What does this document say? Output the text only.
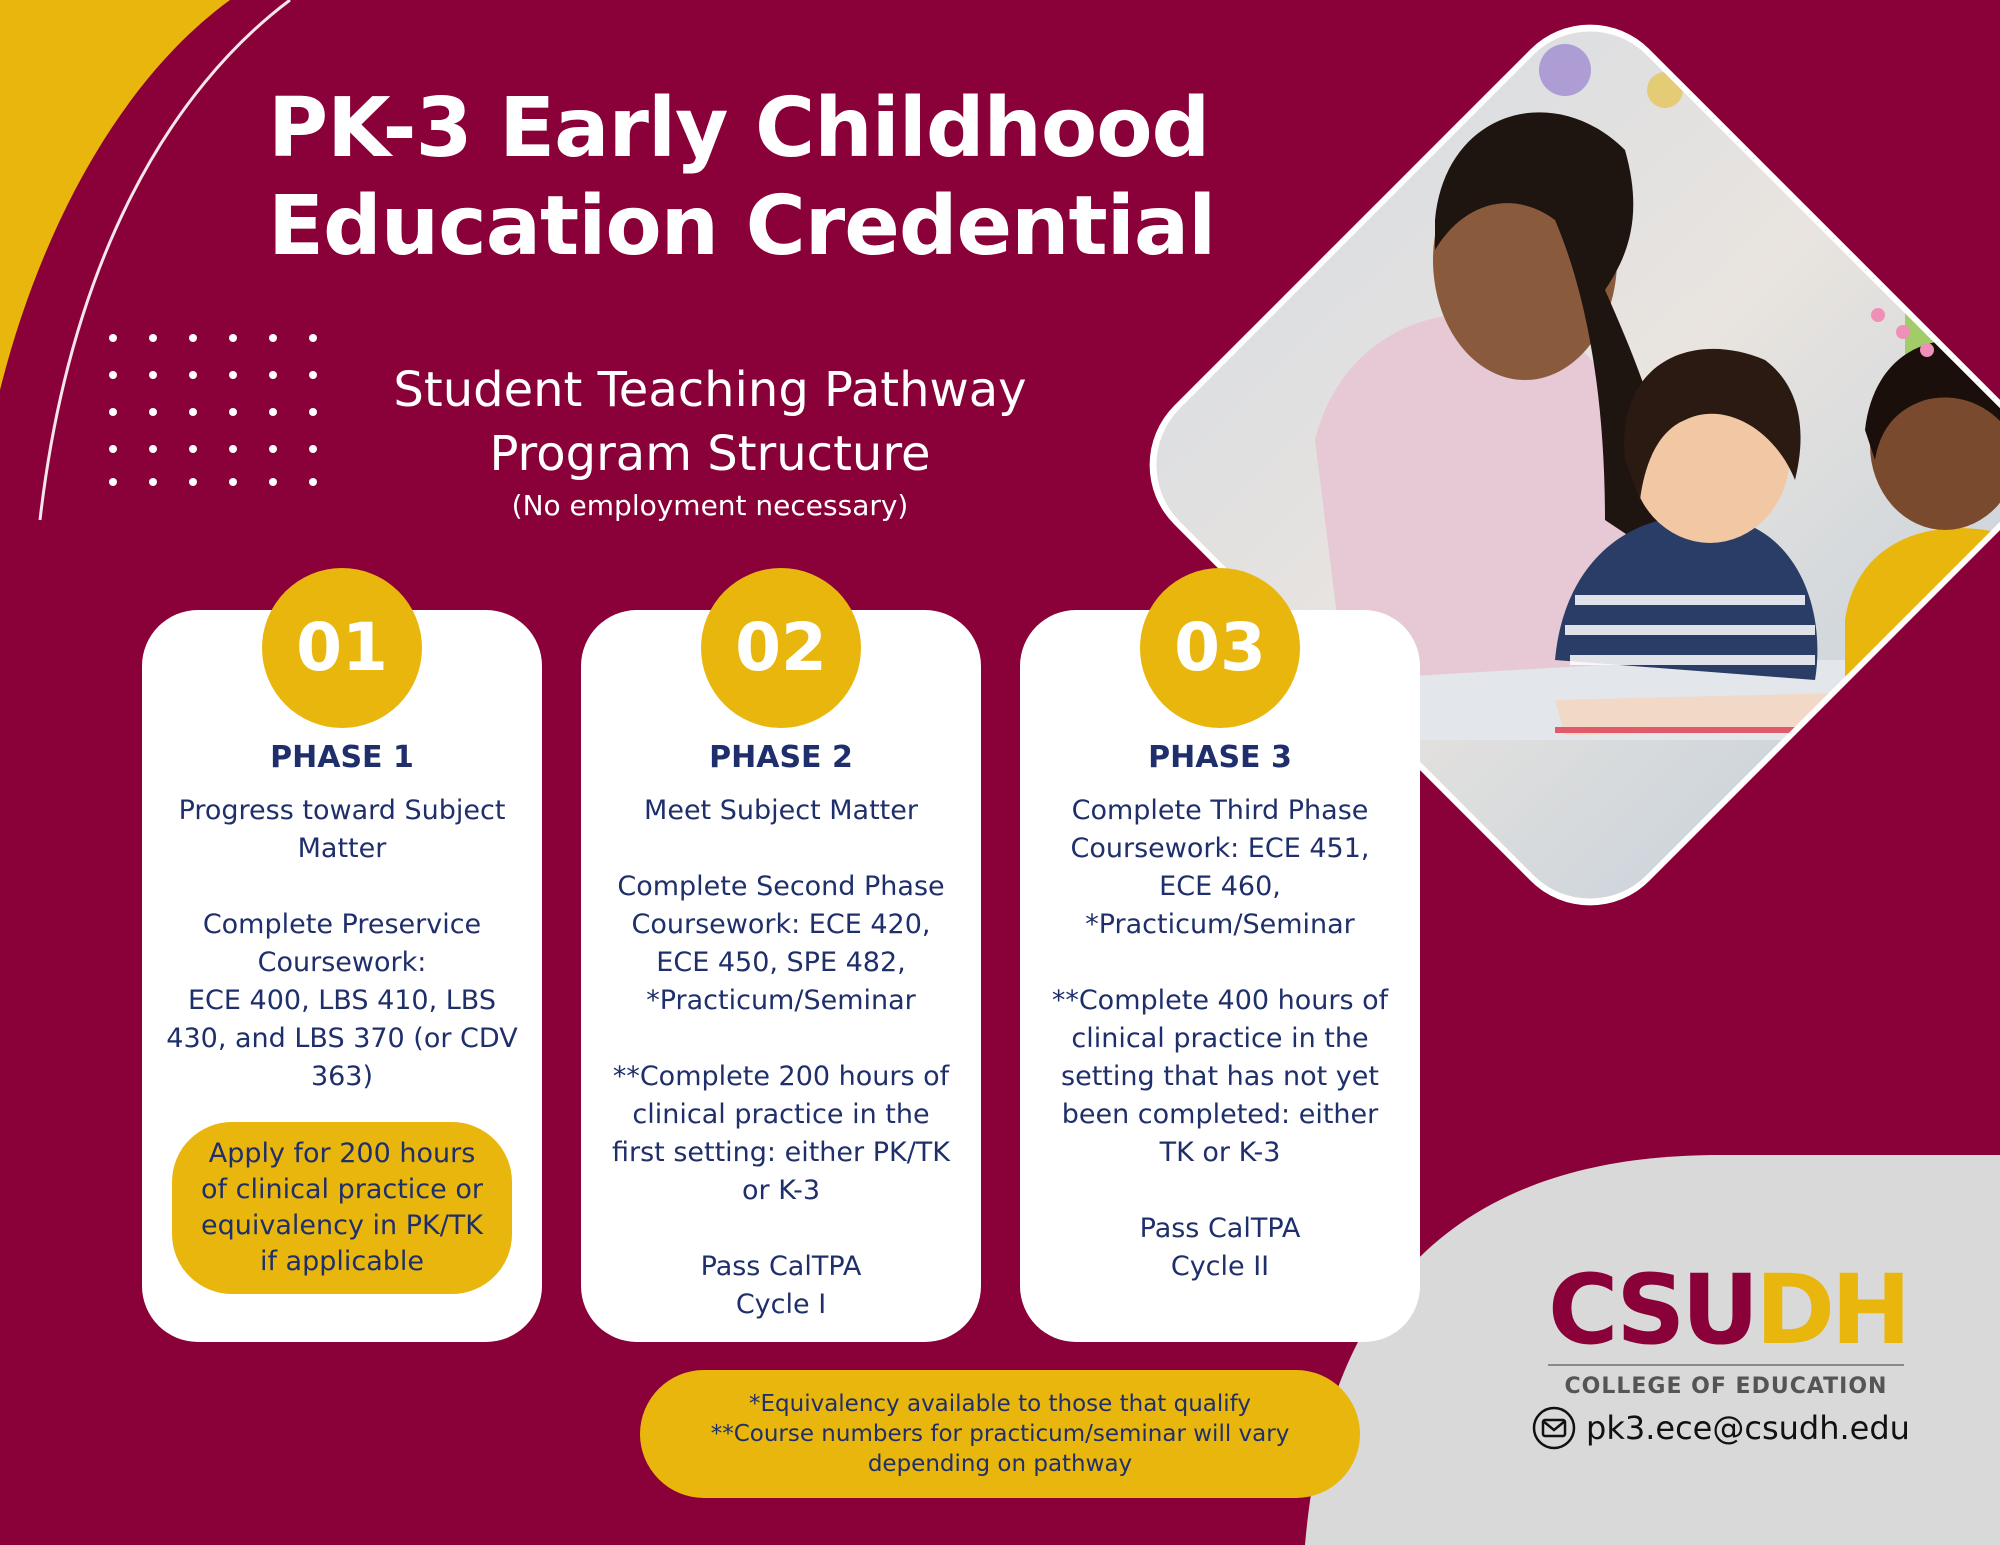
PK-3 Early Childhood
Education Credential
Student Teaching Pathway
Program Structure
(No employment necessary)
01
PHASE 1

Progress toward Subject Matter

Complete Preservice Coursework:
ECE 400, LBS 410, LBS 430, and LBS 370 (or CDV 363)

Apply for 200 hours of clinical practice or equivalency in PK/TK if applicable
02
PHASE 2

Meet Subject Matter

Complete Second Phase Coursework: ECE 420, ECE 450, SPE 482, *Practicum/Seminar

**Complete 200 hours of clinical practice in the first setting: either PK/TK or K-3

Pass CalTPA
Cycle I

03
PHASE 3

Complete Third Phase Coursework: ECE 451, ECE 460, *Practicum/Seminar

**Complete 400 hours of clinical practice in the setting that has not yet been completed: either TK or K-3

Pass CalTPA
Cycle II

*Equivalency available to those that qualify
**Course numbers for practicum/seminar will vary
depending on pathway
CSUDH
COLLEGE OF EDUCATION
pk3.ece@csudh.edu
